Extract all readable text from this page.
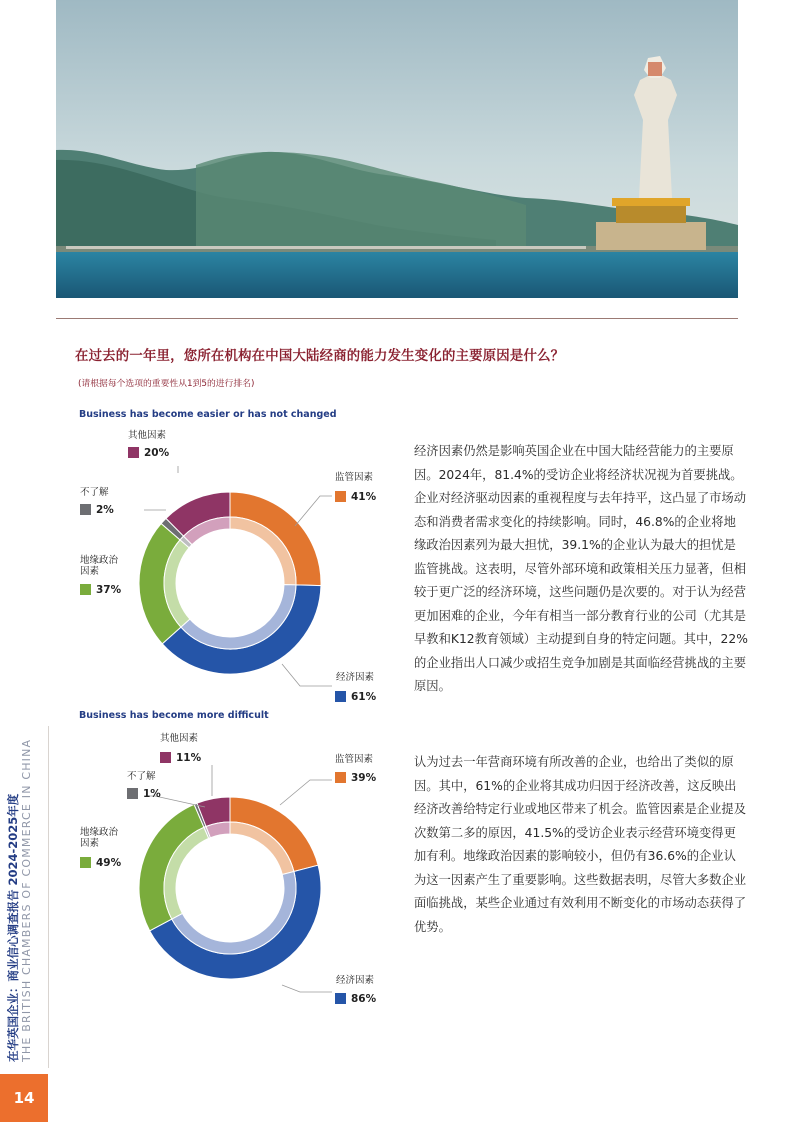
在过去的一年里，您所在机构在中国大陆经商的能力发生变化的主要原因是什么？
(请根据每个选项的重要性从1到5的进行排名)
Business has become easier or has not changed
其他因素
20%
不了解
2%
地缘政治
因素
37%
监管因素
41%
经济因素
61%
Business has become more difficult
其他因素
11%
不了解
1%
地缘政治
因素
49%
监管因素
39%
经济因素
86%

经济因素仍然是影响英国企业在中国大陆经营能力的主要原因。2024年，81.4%的受访企业将经济状况视为首要挑战。企业对经济驱动因素的重视程度与去年持平，这凸显了市场动态和消费者需求变化的持续影响。同时，46.8%的企业将地缘政治因素列为最大担忧，39.1%的企业认为最大的担忧是监管挑战。这表明，尽管外部环境和政策相关压力显著，但相较于更广泛的经济环境，这些问题仍是次要的。对于认为经营更加困难的企业，今年有相当一部分教育行业的公司（尤其是早教和K12教育领域）主动提到自身的特定问题。其中，22%的企业指出人口减少或招生竞争加剧是其面临经营挑战的主要原因。

认为过去一年营商环境有所改善的企业，也给出了类似的原因。其中，61%的企业将其成功归因于经济改善，这反映出经济改善给特定行业或地区带来了机会。监管因素是企业提及次数第二多的原因，41.5%的受访企业表示经营环境变得更加有利。地缘政治因素的影响较小，但仍有36.6%的企业认为这一因素产生了重要影响。这些数据表明，尽管大多数企业面临挑战，某些企业通过有效利用不断变化的市场动态获得了优势。

在华英国企业：商业信心调查报告 2024-2025年度 THE BRITISH CHAMBERS OF COMMERCE IN CHINA
14
